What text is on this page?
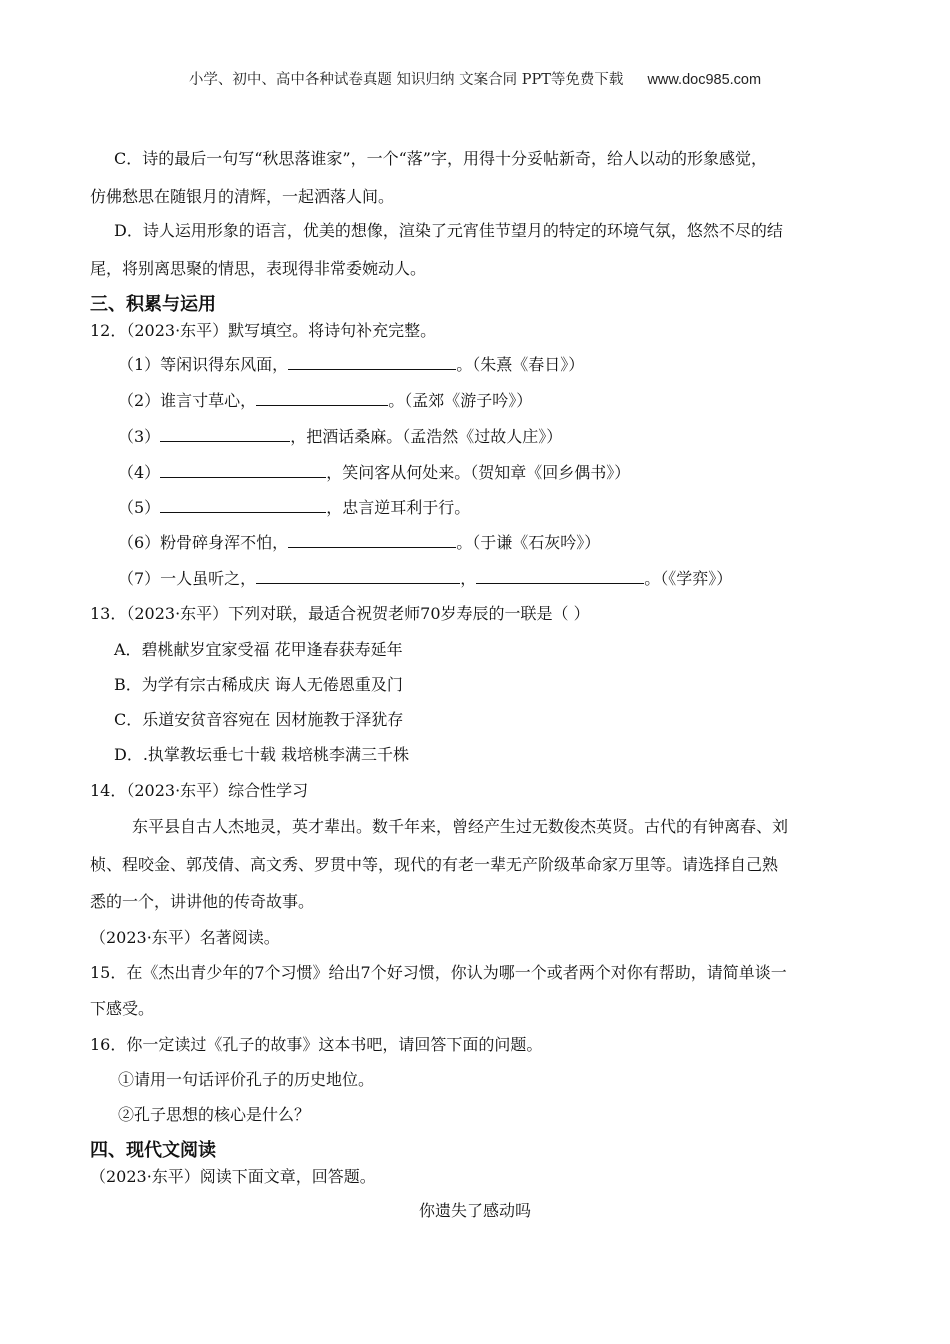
小学、初中、高中各种试卷真题 知识归纳 文案合同 PPT等免费下载 www.doc985.com
C．诗的最后一句写“秋思落谁家”，一个“落”字，用得十分妥帖新奇，给人以动的形象感觉，
仿佛愁思在随银月的清辉，一起洒落人间。
D．诗人运用形象的语言，优美的想像，渲染了元宵佳节望月的特定的环境气氛，悠然不尽的结
尾，将别离思聚的情思，表现得非常委婉动人。
三、积累与运用
12．（2023·东平）默写填空。将诗句补充完整。
（1）等闲识得东风面，	。（朱熹《春日》）
（2）谁言寸草心，	。（孟郊《游子吟》）
（3）	，把酒话桑麻。（孟浩然《过故人庄》）
（4）	，笑问客从何处来。（贺知章《回乡偶书》）
（5）	，忠言逆耳利于行。
（6）粉骨碎身浑不怕，	。（于谦《石灰吟》）
（7）一人虽听之，	，	。（《学弈》）
13．（2023·东平）下列对联，最适合祝贺老师70岁寿辰的一联是（ ）
A．碧桃献岁宜家受福 花甲逢春获寿延年
B．为学有宗古稀成庆 诲人无倦恩重及门
C．乐道安贫音容宛在 因材施教于泽犹存
D．.执掌教坛垂七十载 栽培桃李满三千株
14．（2023·东平）综合性学习
东平县自古人杰地灵，英才辈出。数千年来，曾经产生过无数俊杰英贤。古代的有钟离春、刘
桢、程咬金、郭茂倩、高文秀、罗贯中等，现代的有老一辈无产阶级革命家万里等。请选择自己熟
悉的一个，讲讲他的传奇故事。
（2023·东平）名著阅读。
15．在《杰出青少年的7个习惯》给出7个好习惯，你认为哪一个或者两个对你有帮助，请简单谈一
下感受。
16．你一定读过《孔子的故事》这本书吧，请回答下面的问题。
①请用一句话评价孔子的历史地位。
②孔子思想的核心是什么？
四、现代文阅读
（2023·东平）阅读下面文章，回答题。
你遗失了感动吗
